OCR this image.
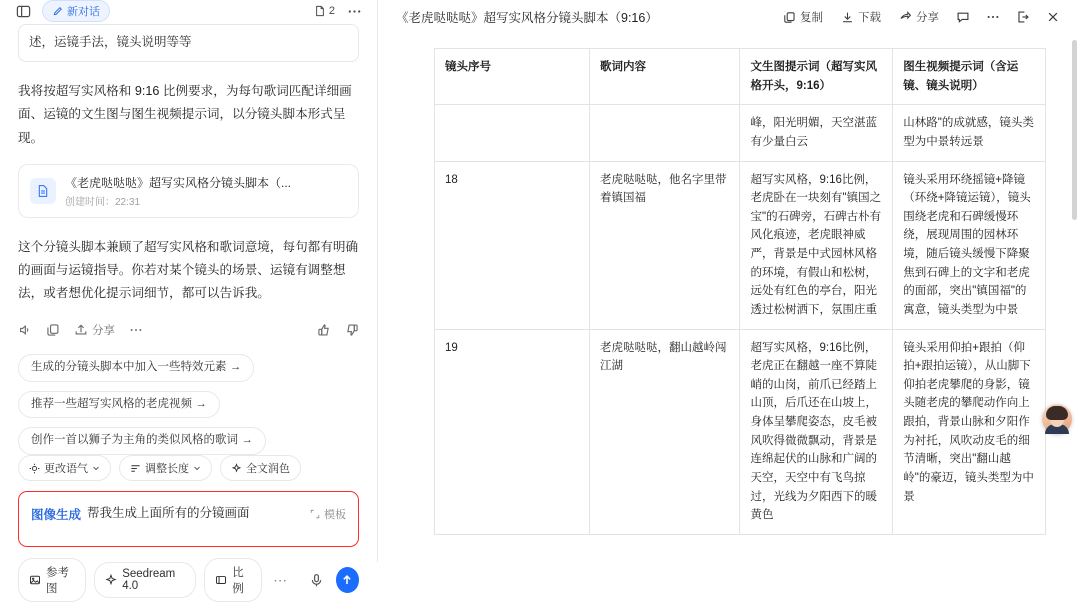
新对话	2
述，运镜手法，镜头说明等等

我将按超写实风格和 9:16 比例要求，为每句歌词匹配详细画面、运镜的文生图与图生视频提示词，以分镜头脚本形式呈现。

《老虎哒哒哒》超写实风格分镜头脚本（...
创建时间：22:31

这个分镜头脚本兼顾了超写实风格和歌词意境，每句都有明确的画面与运镜指导。你若对某个镜头的场景、运镜有调整想法，或者想优化提示词细节，都可以告诉我。

分享
生成的分镜头脚本中加入一些特效元素 →
推荐一些超写实风格的老虎视频 →
创作一首以狮子为主角的类似风格的歌词 →
更改语气	调整长度	全文润色
图像生成 帮我生成上面所有的分镜画面	模板
参考图
Seedream 4.0
比例
⋯
《老虎哒哒哒》超写实风格分镜头脚本（9:16）	复制	下载	分享
镜头序号	歌词内容	文生图提示词（超写实风格开头，9:16）	图生视频提示词（含运镜、镜头说明）
		峰，阳光明媚，天空湛蓝有少量白云	山林路"的成就感，镜头类型为中景转远景
18	老虎哒哒哒，他名字里带着镇国福	超写实风格，9:16比例，老虎卧在一块刻有"镇国之宝"的石碑旁，石碑古朴有风化痕迹，老虎眼神威严，背景是中式园林风格的环境，有假山和松树，远处有红色的亭台，阳光透过松树洒下，氛围庄重	镜头采用环绕摇镜+降镜（环绕+降镜运镜），镜头围绕老虎和石碑缓慢环绕，展现周围的园林环境，随后镜头缓慢下降聚焦到石碑上的文字和老虎的面部，突出"镇国福"的寓意，镜头类型为中景
19	老虎哒哒哒，翻山越岭闯江湖	超写实风格，9:16比例，老虎正在翻越一座不算陡峭的山岗，前爪已经踏上山顶，后爪还在山坡上，身体呈攀爬姿态，皮毛被风吹得微微飘动，背景是连绵起伏的山脉和广阔的天空，天空中有飞鸟掠过，光线为夕阳西下的暖黄色	镜头采用仰拍+跟拍（仰拍+跟拍运镜），从山脚下仰拍老虎攀爬的身影，镜头随老虎的攀爬动作向上跟拍，背景山脉和夕阳作为衬托，风吹动皮毛的细节清晰，突出"翻山越岭"的豪迈，镜头类型为中景
